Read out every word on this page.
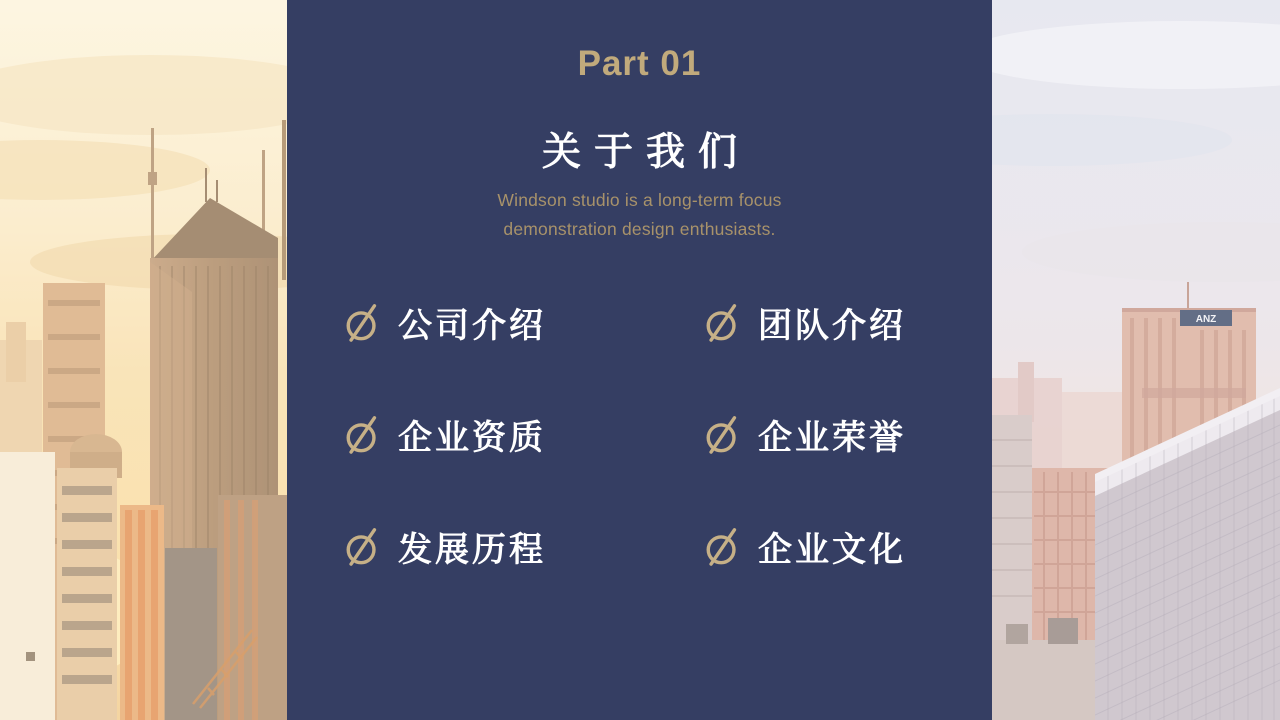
ANZ
Part 01
关于我们

Windson studio is a long-term focus
demonstration design enthusiasts.

公司介绍	团队介绍
企业资质	企业荣誉
发展历程	企业文化
